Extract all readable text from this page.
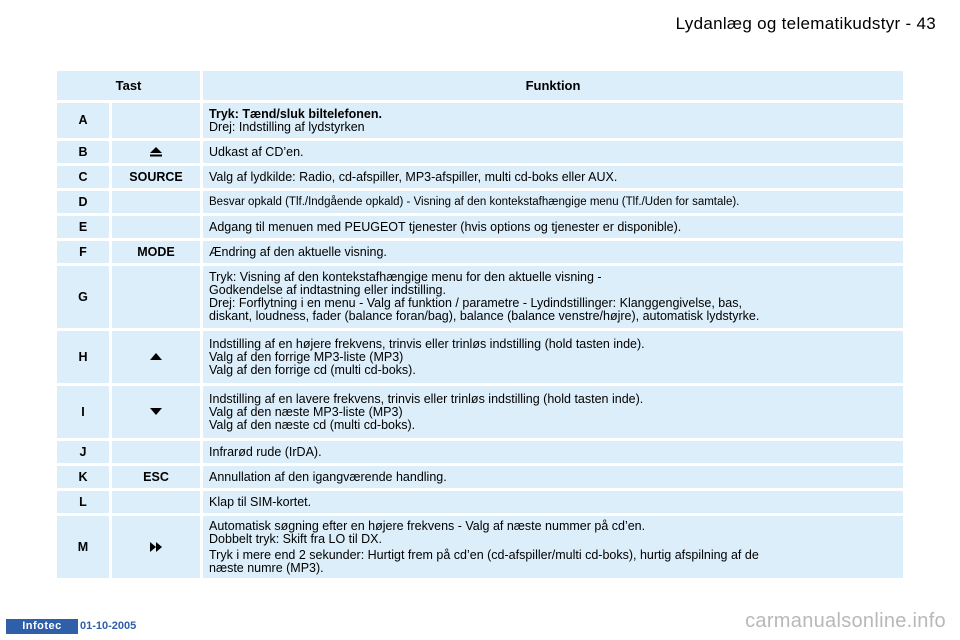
Lydanlæg og telematikudstyr - 43
Tast		Funktion
A		Tryk: Tænd/sluk biltelefonen.
Drej: Indstilling af lydstyrken

B		Udkast af CD’en.

C	SOURCE	Valg af lydkilde: Radio, cd-afspiller, MP3-afspiller, multi cd-boks eller AUX.

D		Besvar opkald (Tlf./Indgående opkald) - Visning af den kontekstafhængige menu (Tlf./Uden for samtale).

E		Adgang til menuen med PEUGEOT tjenester (hvis options og tjenester er disponible).

F	MODE	Ændring af den aktuelle visning.

G		Tryk: Visning af den kontekstafhængige menu for den aktuelle visning -
Godkendelse af indtastning eller indstilling.
Drej: Forflytning i en menu - Valg af funktion / parametre - Lydindstillinger: Klanggengivelse, bas,
diskant, loudness, fader (balance foran/bag), balance (balance venstre/højre), automatisk lydstyrke.

H		Indstilling af en højere frekvens, trinvis eller trinløs indstilling (hold tasten inde).
Valg af den forrige MP3-liste (MP3)
Valg af den forrige cd (multi cd-boks).

I		Indstilling af en lavere frekvens, trinvis eller trinløs indstilling (hold tasten inde).
Valg af den næste MP3-liste (MP3)
Valg af den næste cd (multi cd-boks).

J		Infrarød rude (IrDA).

K	ESC	Annullation af den igangværende handling.

L		Klap til SIM-kortet.

M		Automatisk søgning efter en højere frekvens - Valg af næste nummer på cd’en.
Dobbelt tryk: Skift fra LO til DX.
Tryk i mere end 2 sekunder: Hurtigt frem på cd’en (cd-afspiller/multi cd-boks), hurtig afspilning af de
næste numre (MP3).
Infotec	01-10-2005	carmanualsonline.info
